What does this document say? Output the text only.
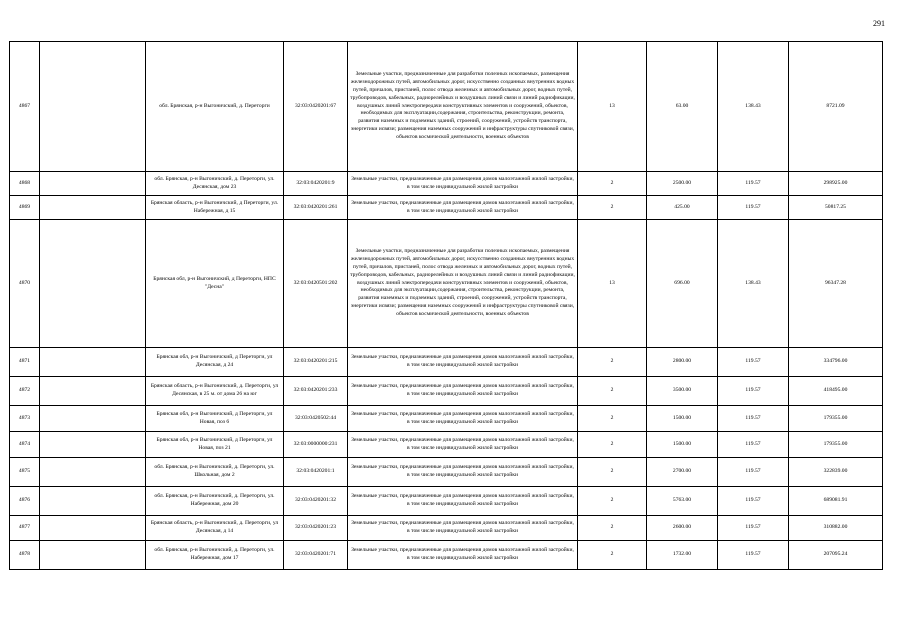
291
4867		обл. Брянская, р-н Выгоничский, д. Переторги	32:03:0420201:67	Земельные участки, предназначенные для разработки полезных ископаемых, размещения железнодорожных путей, автомобильных дорог, искусственно созданных внутренних водных путей, причалов, пристаней, полос отвода железных и автомобильных дорог, водных путей, трубопроводов, кабельных, радиорелейных и воздушных линий связи и линий радиофикации, воздушных линий электропередачи конструктивных элементов и сооружений, объектов, необходимых для эксплуатации,содержания, строительства, реконструкции, ремонта, развития наземных и подземных зданий, строений, сооружений, устройств транспорта, энергетики исвязи; размещения наземных сооружений и инфраструктуры спутниковой связи, объектов космической деятельности, военных объектов	13	63.00	138.43	8721.09
4868		обл. Брянская, р-н Выгоничский, д. Переторги, ул. Десянская, дом 23	32:03:0420201:9	Земельные участки, предназначенные для размещения домов малоэтажной жилой застройки, в том числе индивидуальной жилой застройки	2	2500.00	119.57	298925.00
4869		Брянская область, р-н Выгоничский, д Переторги, ул. Набережная, д 15	32:03:0420201:261	Земельные участки, предназначенные для размещения домов малоэтажной жилой застройки, в том числе индивидуальной жилой застройки	2	425.00	119.57	50817.25
4870		Брянская обл, р-н Выгоничский, д Переторги, НПС "Десна"	32:03:0420501:202	Земельные участки, предназначенные для разработки полезных ископаемых, размещения железнодорожных путей, автомобильных дорог, искусственно созданных внутренних водных путей, причалов, пристаней, полос отвода железных и автомобильных дорог, водных путей, трубопроводов, кабельных, радиорелейных и воздушных линий связи и линий радиофикации, воздушных линий электропередачи конструктивных элементов и сооружений, объектов, необходимых для эксплуатации,содержания, строительства, реконструкции, ремонта, развития наземных и подземных зданий, строений, сооружений, устройств транспорта, энергетики исвязи; размещения наземных сооружений и инфраструктуры спутниковой связи, объектов космической деятельности, военных объектов	13	696.00	138.43	96347.28
4871		Брянская обл, р-н Выгоничский, д Переторги, ул Десянская, д 24	32:03:0420201:215	Земельные участки, предназначенные для размещения домов малоэтажной жилой застройки, в том числе индивидуальной жилой застройки	2	2800.00	119.57	334796.00
4872		Брянская область, р-н Выгоничский, д. Переторги, ул Десянская, в 25 м. от дома 26 на юг	32:03:0420201:233	Земельные участки, предназначенные для размещения домов малоэтажной жилой застройки, в том числе индивидуальной жилой застройки	2	3500.00	119.57	418495.00
4873		Брянская обл, р-н Выгоничский, д Переторги, ул Новая, поз 6	32:03:0420502:44	Земельные участки, предназначенные для размещения домов малоэтажной жилой застройки, в том числе индивидуальной жилой застройки	2	1500.00	119.57	179355.00
4874		Брянская обл, р-н Выгоничский, д Переторги, ул Новая, поз 21	32:03:0000000:231	Земельные участки, предназначенные для размещения домов малоэтажной жилой застройки, в том числе индивидуальной жилой застройки	2	1500.00	119.57	179355.00
4875		обл. Брянская, р-н Выгоничский, д. Переторги, ул. Школьная, дом 2	32:03:0420201:1	Земельные участки, предназначенные для размещения домов малоэтажной жилой застройки, в том числе индивидуальной жилой застройки	2	2700.00	119.57	322839.00
4876		обл. Брянская, р-н Выгоничский, д. Переторги, ул. Набережная, дом 20	32:03:0420201:32	Земельные участки, предназначенные для размещения домов малоэтажной жилой застройки, в том числе индивидуальной жилой застройки	2	5763.00	119.57	689081.91
4877		Брянская область, р-н Выгоничский, д. Переторги, ул Десянская, д 14	32:03:0420201:23	Земельные участки, предназначенные для размещения домов малоэтажной жилой застройки, в том числе индивидуальной жилой застройки	2	2600.00	119.57	310882.00
4878		обл. Брянская, р-н Выгоничский, д. Переторги, ул. Набережная, дом 17	32:03:0420201:71	Земельные участки, предназначенные для размещения домов малоэтажной жилой застройки, в том числе индивидуальной жилой застройки	2	1732.00	119.57	207095.24
